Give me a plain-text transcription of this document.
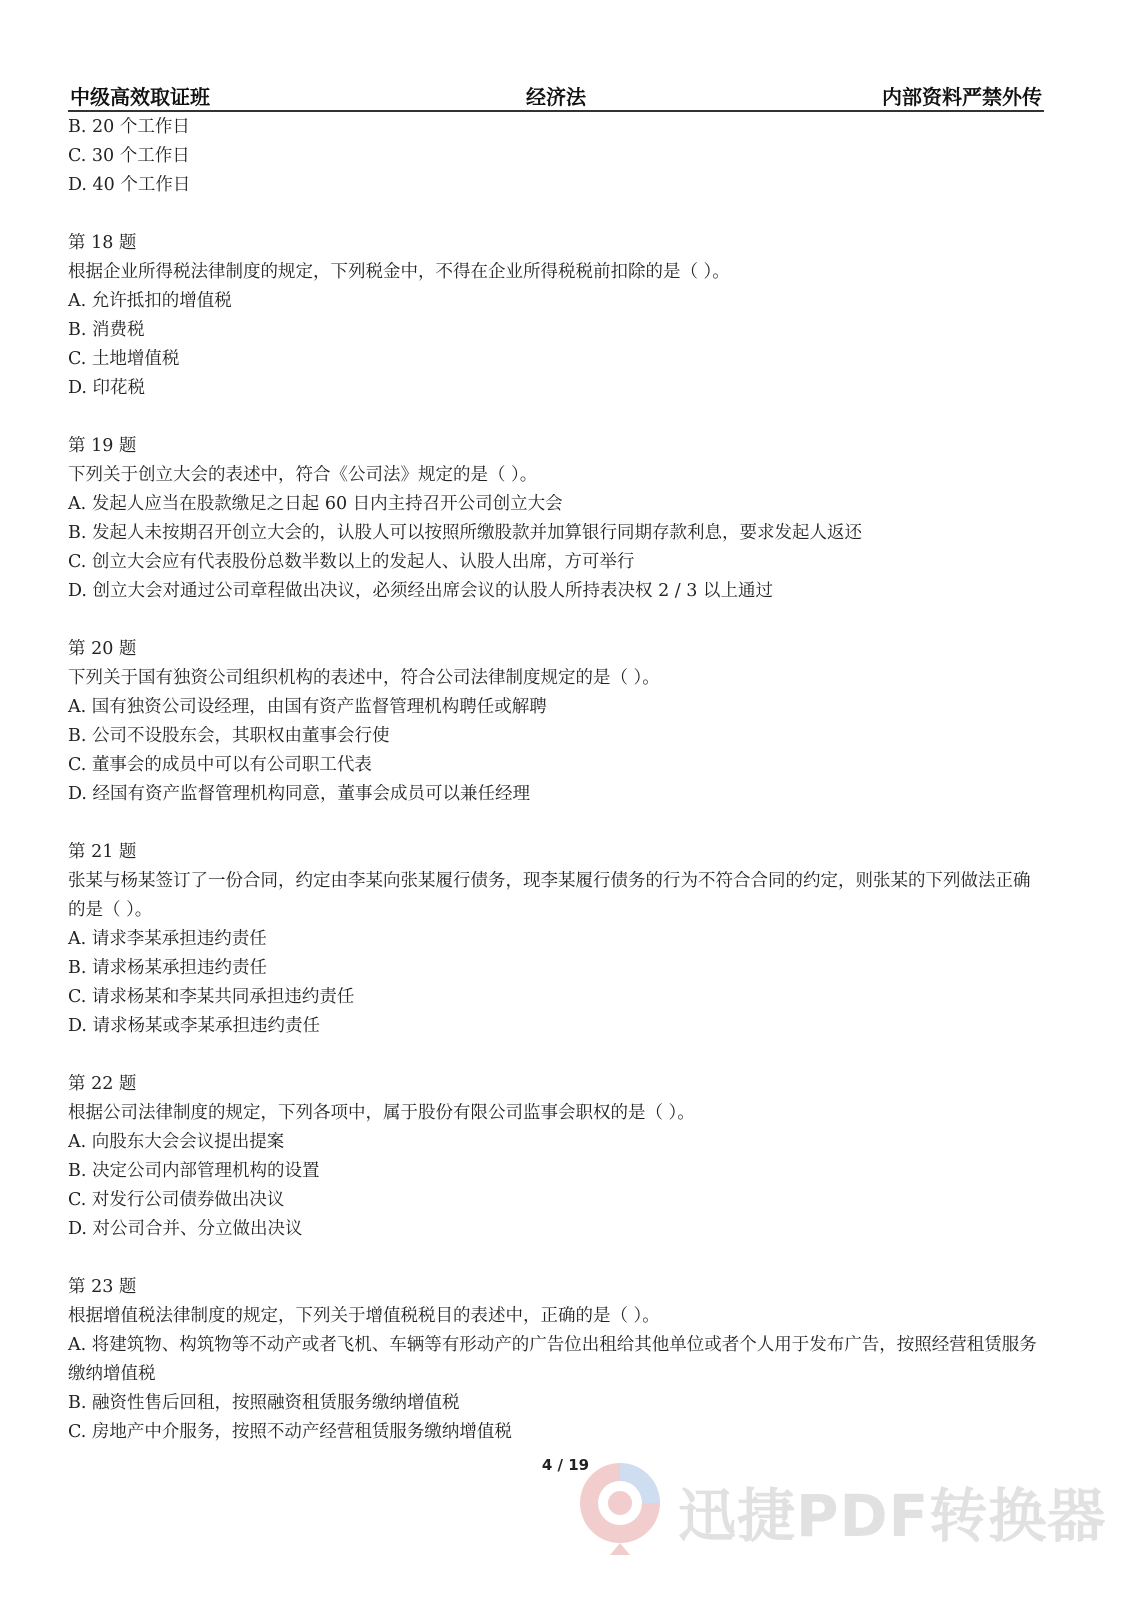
中级高效取证班	经济法	内部资料严禁外传
B. 20 个工作日
C. 30 个工作日
D. 40 个工作日
第 18 题
根据企业所得税法律制度的规定，下列税金中，不得在企业所得税税前扣除的是（ ）。
A. 允许抵扣的增值税
B. 消费税
C. 土地增值税
D. 印花税
第 19 题
下列关于创立大会的表述中，符合《公司法》规定的是（ ）。
A. 发起人应当在股款缴足之日起 60 日内主持召开公司创立大会
B. 发起人未按期召开创立大会的，认股人可以按照所缴股款并加算银行同期存款利息，要求发起人返还
C. 创立大会应有代表股份总数半数以上的发起人、认股人出席，方可举行
D. 创立大会对通过公司章程做出决议，必须经出席会议的认股人所持表决权 2 / 3 以上通过
第 20 题
下列关于国有独资公司组织机构的表述中，符合公司法律制度规定的是（ ）。
A. 国有独资公司设经理，由国有资产监督管理机构聘任或解聘
B. 公司不设股东会，其职权由董事会行使
C. 董事会的成员中可以有公司职工代表
D. 经国有资产监督管理机构同意，董事会成员可以兼任经理
第 21 题
张某与杨某签订了一份合同，约定由李某向张某履行债务，现李某履行债务的行为不符合合同的约定，则张某的下列做法正确的是（ ）。
A. 请求李某承担违约责任
B. 请求杨某承担违约责任
C. 请求杨某和李某共同承担违约责任
D. 请求杨某或李某承担违约责任
第 22 题
根据公司法律制度的规定，下列各项中，属于股份有限公司监事会职权的是（ ）。
A. 向股东大会会议提出提案
B. 决定公司内部管理机构的设置
C. 对发行公司债券做出决议
D. 对公司合并、分立做出决议
第 23 题
根据增值税法律制度的规定，下列关于增值税税目的表述中，正确的是（ ）。
A. 将建筑物、构筑物等不动产或者飞机、车辆等有形动产的广告位出租给其他单位或者个人用于发布广告，按照经营租赁服务缴纳增值税
B. 融资性售后回租，按照融资租赁服务缴纳增值税
C. 房地产中介服务，按照不动产经营租赁服务缴纳增值税
4 / 19
迅捷PDF转换器
